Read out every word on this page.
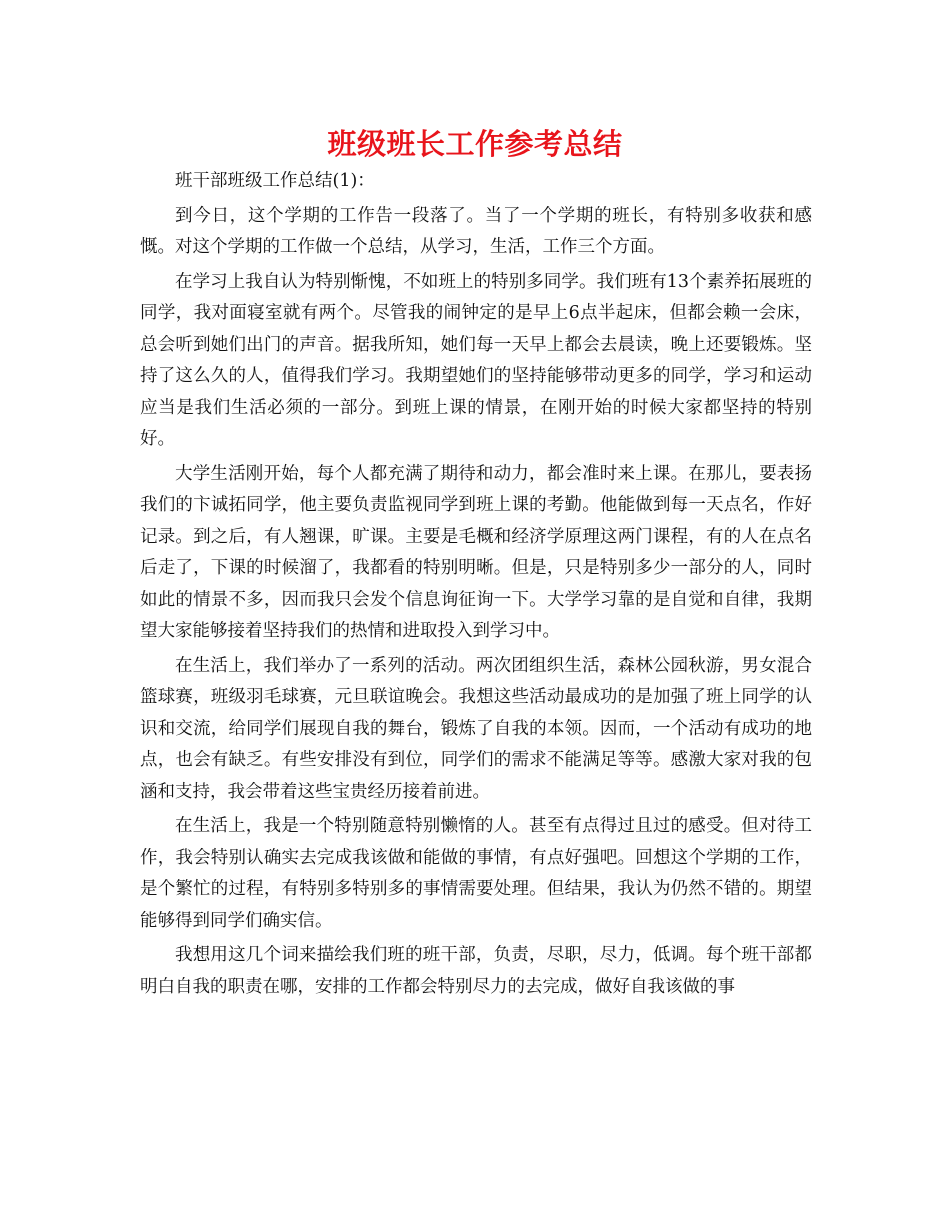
班级班长工作参考总结

班干部班级工作总结(1)：

到今日，这个学期的工作告一段落了。当了一个学期的班长，有特别多收获和感慨。对这个学期的工作做一个总结，从学习，生活，工作三个方面。

在学习上我自认为特别惭愧，不如班上的特别多同学。我们班有13个素养拓展班的同学，我对面寝室就有两个。尽管我的闹钟定的是早上6点半起床，但都会赖一会床，总会听到她们出门的声音。据我所知，她们每一天早上都会去晨读，晚上还要锻炼。坚持了这么久的人，值得我们学习。我期望她们的坚持能够带动更多的同学，学习和运动应当是我们生活必须的一部分。到班上课的情景，在刚开始的时候大家都坚持的特别好。

大学生活刚开始，每个人都充满了期待和动力，都会准时来上课。在那儿，要表扬我们的卞诚拓同学，他主要负责监视同学到班上课的考勤。他能做到每一天点名，作好记录。到之后，有人翘课，旷课。主要是毛概和经济学原理这两门课程，有的人在点名后走了，下课的时候溜了，我都看的特别明晰。但是，只是特别多少一部分的人，同时如此的情景不多，因而我只会发个信息询征询一下。大学学习靠的是自觉和自律，我期望大家能够接着坚持我们的热情和进取投入到学习中。

在生活上，我们举办了一系列的活动。两次团组织生活，森林公园秋游，男女混合篮球赛，班级羽毛球赛，元旦联谊晚会。我想这些活动最成功的是加强了班上同学的认识和交流，给同学们展现自我的舞台，锻炼了自我的本领。因而，一个活动有成功的地点，也会有缺乏。有些安排没有到位，同学们的需求不能满足等等。感激大家对我的包涵和支持，我会带着这些宝贵经历接着前进。

在生活上，我是一个特别随意特别懒惰的人。甚至有点得过且过的感受。但对待工作，我会特别认确实去完成我该做和能做的事情，有点好强吧。回想这个学期的工作，是个繁忙的过程，有特别多特别多的事情需要处理。但结果，我认为仍然不错的。期望能够得到同学们确实信。

我想用这几个词来描绘我们班的班干部，负责，尽职，尽力，低调。每个班干部都明白自我的职责在哪，安排的工作都会特别尽力的去完成，做好自我该做的事
